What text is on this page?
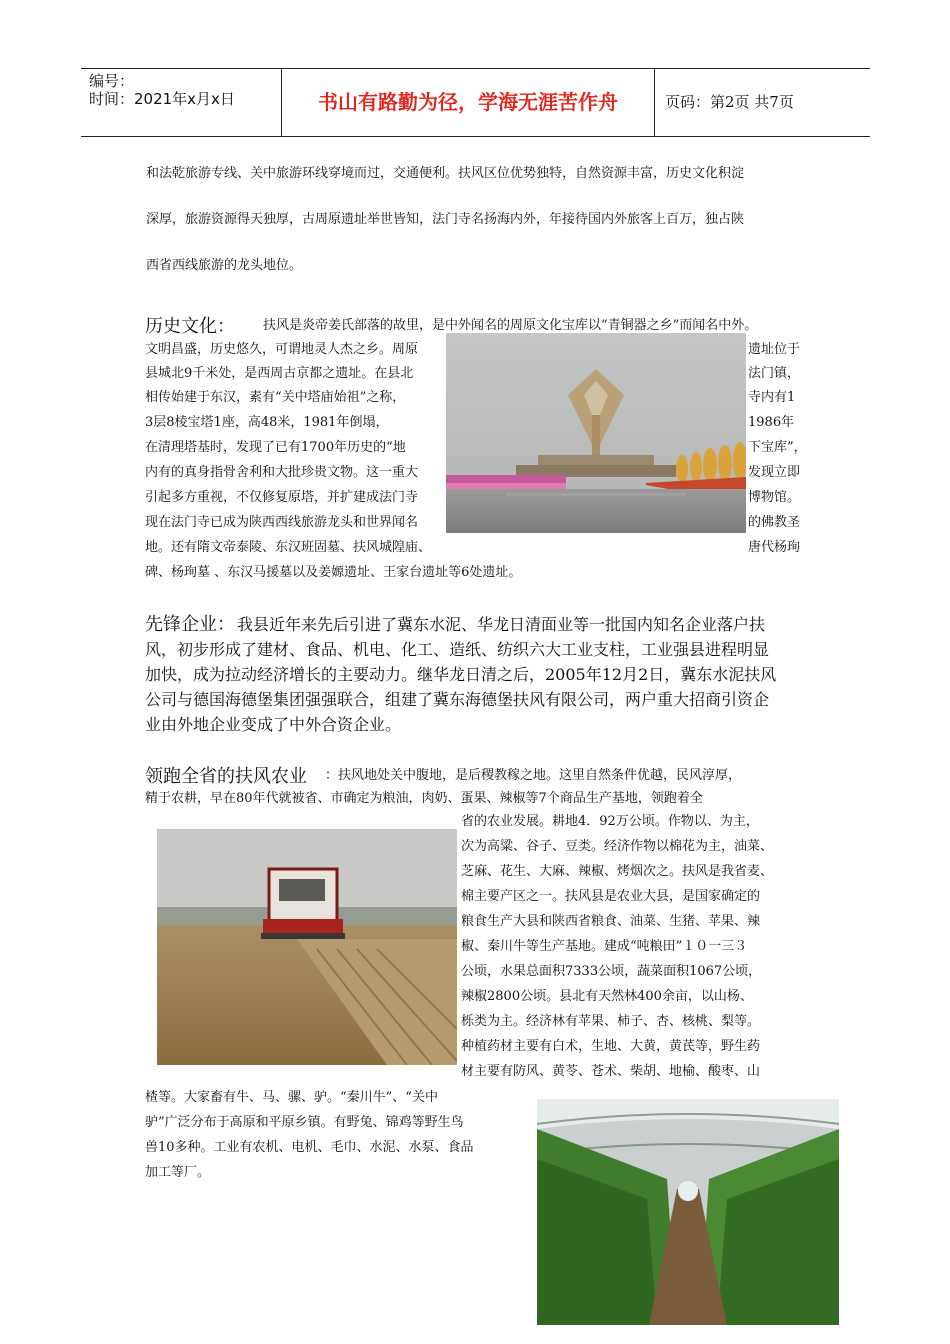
编号：
时间：2021年x月x日	书山有路勤为径，学海无涯苦作舟	页码：第2页 共7页
和法乾旅游专线、关中旅游环线穿境而过，交通便利。扶风区位优势独特，自然资源丰富，历史文化积淀
深厚，旅游资源得天独厚，古周原遗址举世皆知，法门寺名扬海内外，年接待国内外旅客上百万，独占陕
西省西线旅游的龙头地位。
历史文化： 扶风是炎帝姜氏部落的故里，是中外闻名的周原文化宝库以“青铜器之乡”而闻名中外。
文明昌盛，历史悠久，可谓地灵人杰之乡。周原
县城北9千米处，是西周古京都之遗址。在县北
相传始建于东汉，素有“关中塔庙始祖”之称，
3层8棱宝塔1座，高48米，1981年倒塌，
在清理塔基时，发现了已有1700年历史的“地
内有的真身指骨舍利和大批珍贵文物。这一重大
引起多方重视，不仅修复原塔，并扩建成法门寺
现在法门寺已成为陕西西线旅游龙头和世界闻名
地。还有隋文帝泰陵、东汉班固墓、扶风城隍庙、
遗址位于
法门镇，
寺内有1
1986年
下宝库”，
发现立即
博物馆。
的佛教圣
唐代杨珣
碑、杨珣墓 、东汉马援墓以及姜嫄遗址、王家台遗址等6处遗址。
先锋企业： 我县近年来先后引进了冀东水泥、华龙日清面业等一批国内知名企业落户扶
风，初步形成了建材、食品、机电、化工、造纸、纺织六大工业支柱，工业强县进程明显
加快，成为拉动经济增长的主要动力。继华龙日清之后，2005年12月2日，冀东水泥扶风
公司与德国海德堡集团强强联合，组建了冀东海德堡扶风有限公司，两户重大招商引资企
业由外地企业变成了中外合资企业。
领跑全省的扶风农业 ：扶风地处关中腹地，是后稷教稼之地。这里自然条件优越，民风淳厚，
精于农耕，早在80年代就被省、市确定为粮油，肉奶、蛋果、辣椒等7个商品生产基地，领跑着全
省的农业发展。耕地4．92万公顷。作物以、为主，
次为高粱、谷子、豆类。经济作物以棉花为主，油菜、
芝麻、花生、大麻、辣椒、烤烟次之。扶风是我省麦、
棉主要产区之一。扶风县是农业大县，是国家确定的
粮食生产大县和陕西省粮食、油菜、生猪、苹果、辣
椒、秦川牛等生产基地。建成“吨粮田”１０一三３
公顷，水果总面积7333公顷，蔬菜面积1067公顷，
辣椒2800公顷。县北有天然林400余亩，以山杨、
栎类为主。经济林有苹果、柿子、杏、核桃、梨等。
种植药材主要有白术，生地、大黄，黄芪等，野生药
材主要有防风、黄苓、苍术、柴胡、地榆、酸枣、山
楂等。大家畜有牛、马、骡、驴。“秦川牛”、“关中
驴”广泛分布于高原和平原乡镇。有野兔、锦鸡等野生鸟
兽10多种。工业有农机、电机、毛巾、水泥、水泵、食品
加工等厂。
